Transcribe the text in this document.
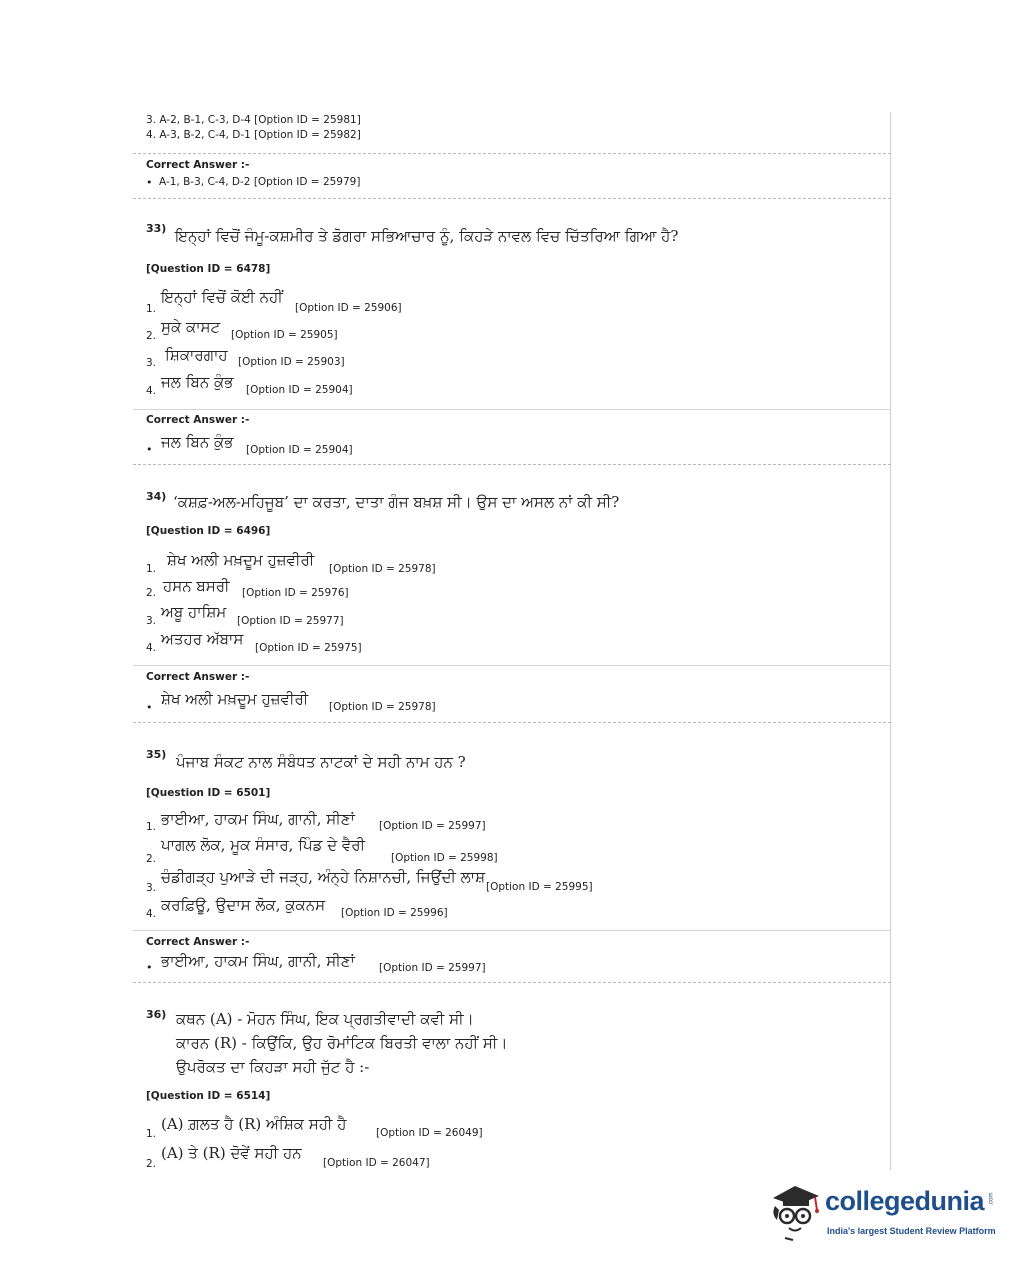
3. A-2, B-1, C-3, D-4 [Option ID = 25981]
4. A-3, B-2, C-4, D-1 [Option ID = 25982]
Correct Answer :-
• A-1, B-3, C-4, D-2 [Option ID = 25979]
33) ਇਨ੍ਹਾਂ ਵਿਚੋਂ ਜੰਮੂ-ਕਸ਼ਮੀਰ ਤੇ ਡੋਗਰਾ ਸਭਿਆਚਾਰ ਨੂੰ, ਕਿਹੜੇ ਨਾਵਲ ਵਿਚ ਚਿੱਤਰਿਆ ਗਿਆ ਹੈ?
[Question ID = 6478]
1.
ਇਨ੍ਹਾਂ ਵਿਚੋਂ ਕੋਈ ਨਹੀਂ
[Option ID = 25906]
2. ਸੁਕੇ ਕਾਸਟ [Option ID = 25905]
3. ਸ਼ਿਕਾਰਗਾਹ [Option ID = 25903]
4. ਜਲ ਬਿਨ ਕੁੰਭ [Option ID = 25904]
Correct Answer :-
• ਜਲ ਬਿਨ ਕੁੰਭ [Option ID = 25904]
34) ‘ਕਸ਼ਫ਼-ਅਲ-ਮਹਿਜੂਬ’ ਦਾ ਕਰਤਾ, ਦਾਤਾ ਗੰਜ ਬਖ਼ਸ਼ ਸੀ। ਉਸ ਦਾ ਅਸਲ ਨਾਂ ਕੀ ਸੀ?
[Question ID = 6496]
1. ਸ਼ੇਖ ਅਲੀ ਮਖ਼ਦੂਮ ਹੁਜ਼ਵੀਰੀ [Option ID = 25978]
2. ਹਸਨ ਬਸਰੀ [Option ID = 25976]
3. ਅਬੂ ਹਾਸ਼ਿਮ [Option ID = 25977]
4. ਅਤਹਰ ਅੱਬਾਸ [Option ID = 25975]
Correct Answer :-
• ਸ਼ੇਖ ਅਲੀ ਮਖ਼ਦੂਮ ਹੁਜ਼ਵੀਰੀ [Option ID = 25978]
35) ਪੰਜਾਬ ਸੰਕਟ ਨਾਲ ਸੰਬੰਧਤ ਨਾਟਕਾਂ ਦੇ ਸਹੀ ਨਾਮ ਹਨ ?
[Question ID = 6501]
1. ਭਾਈਆ, ਹਾਕਮ ਸਿੰਘ, ਗਾਨੀ, ਸੀਣਾਂ [Option ID = 25997]
2.
ਪਾਗਲ ਲੋਕ, ਮੂਕ ਸੰਸਾਰ, ਪਿੰਡ ਦੇ ਵੈਰੀ
[Option ID = 25998]
3.
ਚੰਡੀਗੜ੍ਹ ਪੁਆੜੇ ਦੀ ਜੜ੍ਹ, ਅੰਨ੍ਹੇ ਨਿਸ਼ਾਨਚੀ, ਜਿਉਂਦੀ ਲਾਸ਼
[Option ID = 25995]
4. ਕਰਫ਼ਿਊ, ਉਦਾਸ ਲੋਕ, ਕੁਕਨਸ [Option ID = 25996]
Correct Answer :-
• ਭਾਈਆ, ਹਾਕਮ ਸਿੰਘ, ਗਾਨੀ, ਸੀਣਾਂ [Option ID = 25997]
36) ਕਥਨ (A) - ਮੋਹਨ ਸਿੰਘ, ਇਕ ਪ੍ਰਗਤੀਵਾਦੀ ਕਵੀ ਸੀ।
ਕਾਰਨ (R) - ਕਿਉਂਕਿ, ਉਹ ਰੋਮਾਂਟਿਕ ਬਿਰਤੀ ਵਾਲਾ ਨਹੀਂ ਸੀ।
ਉਪਰੋਕਤ ਦਾ ਕਿਹੜਾ ਸਹੀ ਜੁੱਟ ਹੈ :-
[Question ID = 6514]
1.
(A) ਗ਼ਲਤ ਹੈ (R) ਅੰਸ਼ਿਕ ਸਹੀ ਹੈ	[Option ID = 26049]
2.
(A) ਤੇ (R) ਦੋਵੇਂ ਸਹੀ ਹਨ
[Option ID = 26047]
collegedunia .com
India's largest Student Review Platform
